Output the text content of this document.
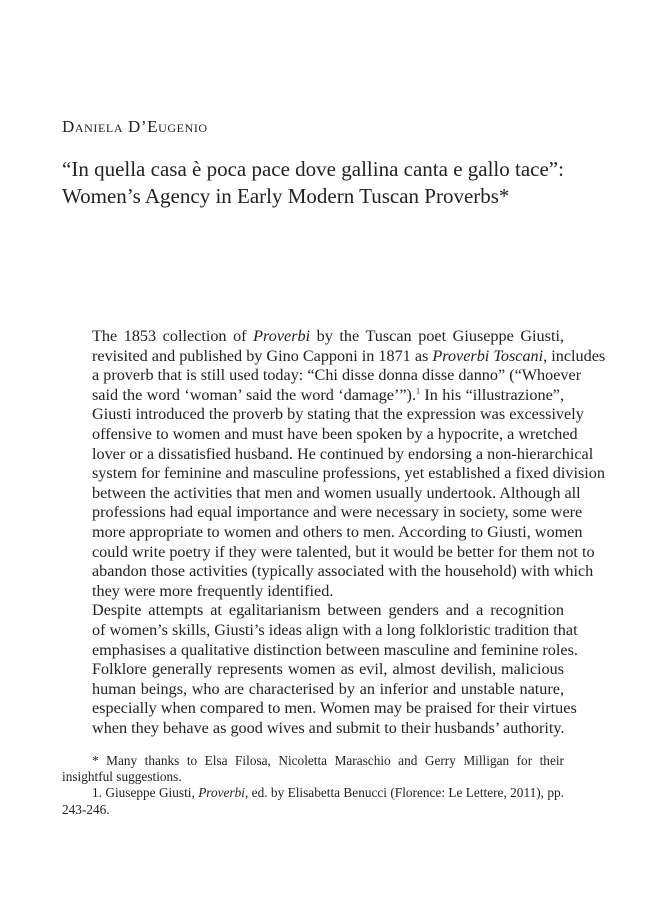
Daniela D’Eugenio
“In quella casa è poca pace dove gallina canta e gallo tace”:
Women’s Agency in Early Modern Tuscan Proverbs*

The 1853 collection of Proverbi by the Tuscan poet Giuseppe Giusti,
revisited and published by Gino Capponi in 1871 as Proverbi Toscani, includes
a proverb that is still used today: “Chi disse donna disse danno” (“Whoever
said the word ‘woman’ said the word ‘damage’”).$^1$ In his “illustrazione”,
Giusti introduced the proverb by stating that the expression was excessively
offensive to women and must have been spoken by a hypocrite, a wretched
lover or a dissatisfied husband. He continued by endorsing a non-hierarchical
system for feminine and masculine professions, yet established a fixed division
between the activities that men and women usually undertook. Although all
professions had equal importance and were necessary in society, some were
more appropriate to women and others to men. According to Giusti, women
could write poetry if they were talented, but it would be better for them not to
abandon those activities (typically associated with the household) with which
they were more frequently identified.

Despite attempts at egalitarianism between genders and a recognition
of women’s skills, Giusti’s ideas align with a long folkloristic tradition that
emphasises a qualitative distinction between masculine and feminine roles.
Folklore generally represents women as evil, almost devilish, malicious
human beings, who are characterised by an inferior and unstable nature,
especially when compared to men. Women may be praised for their virtues
when they behave as good wives and submit to their husbands’ authority.

* Many thanks to Elsa Filosa, Nicoletta Maraschio and Gerry Milligan for their insightful suggestions.

1. Giuseppe Giusti, Proverbi, ed. by Elisabetta Benucci (Florence: Le Lettere, 2011), pp. 243-246.
